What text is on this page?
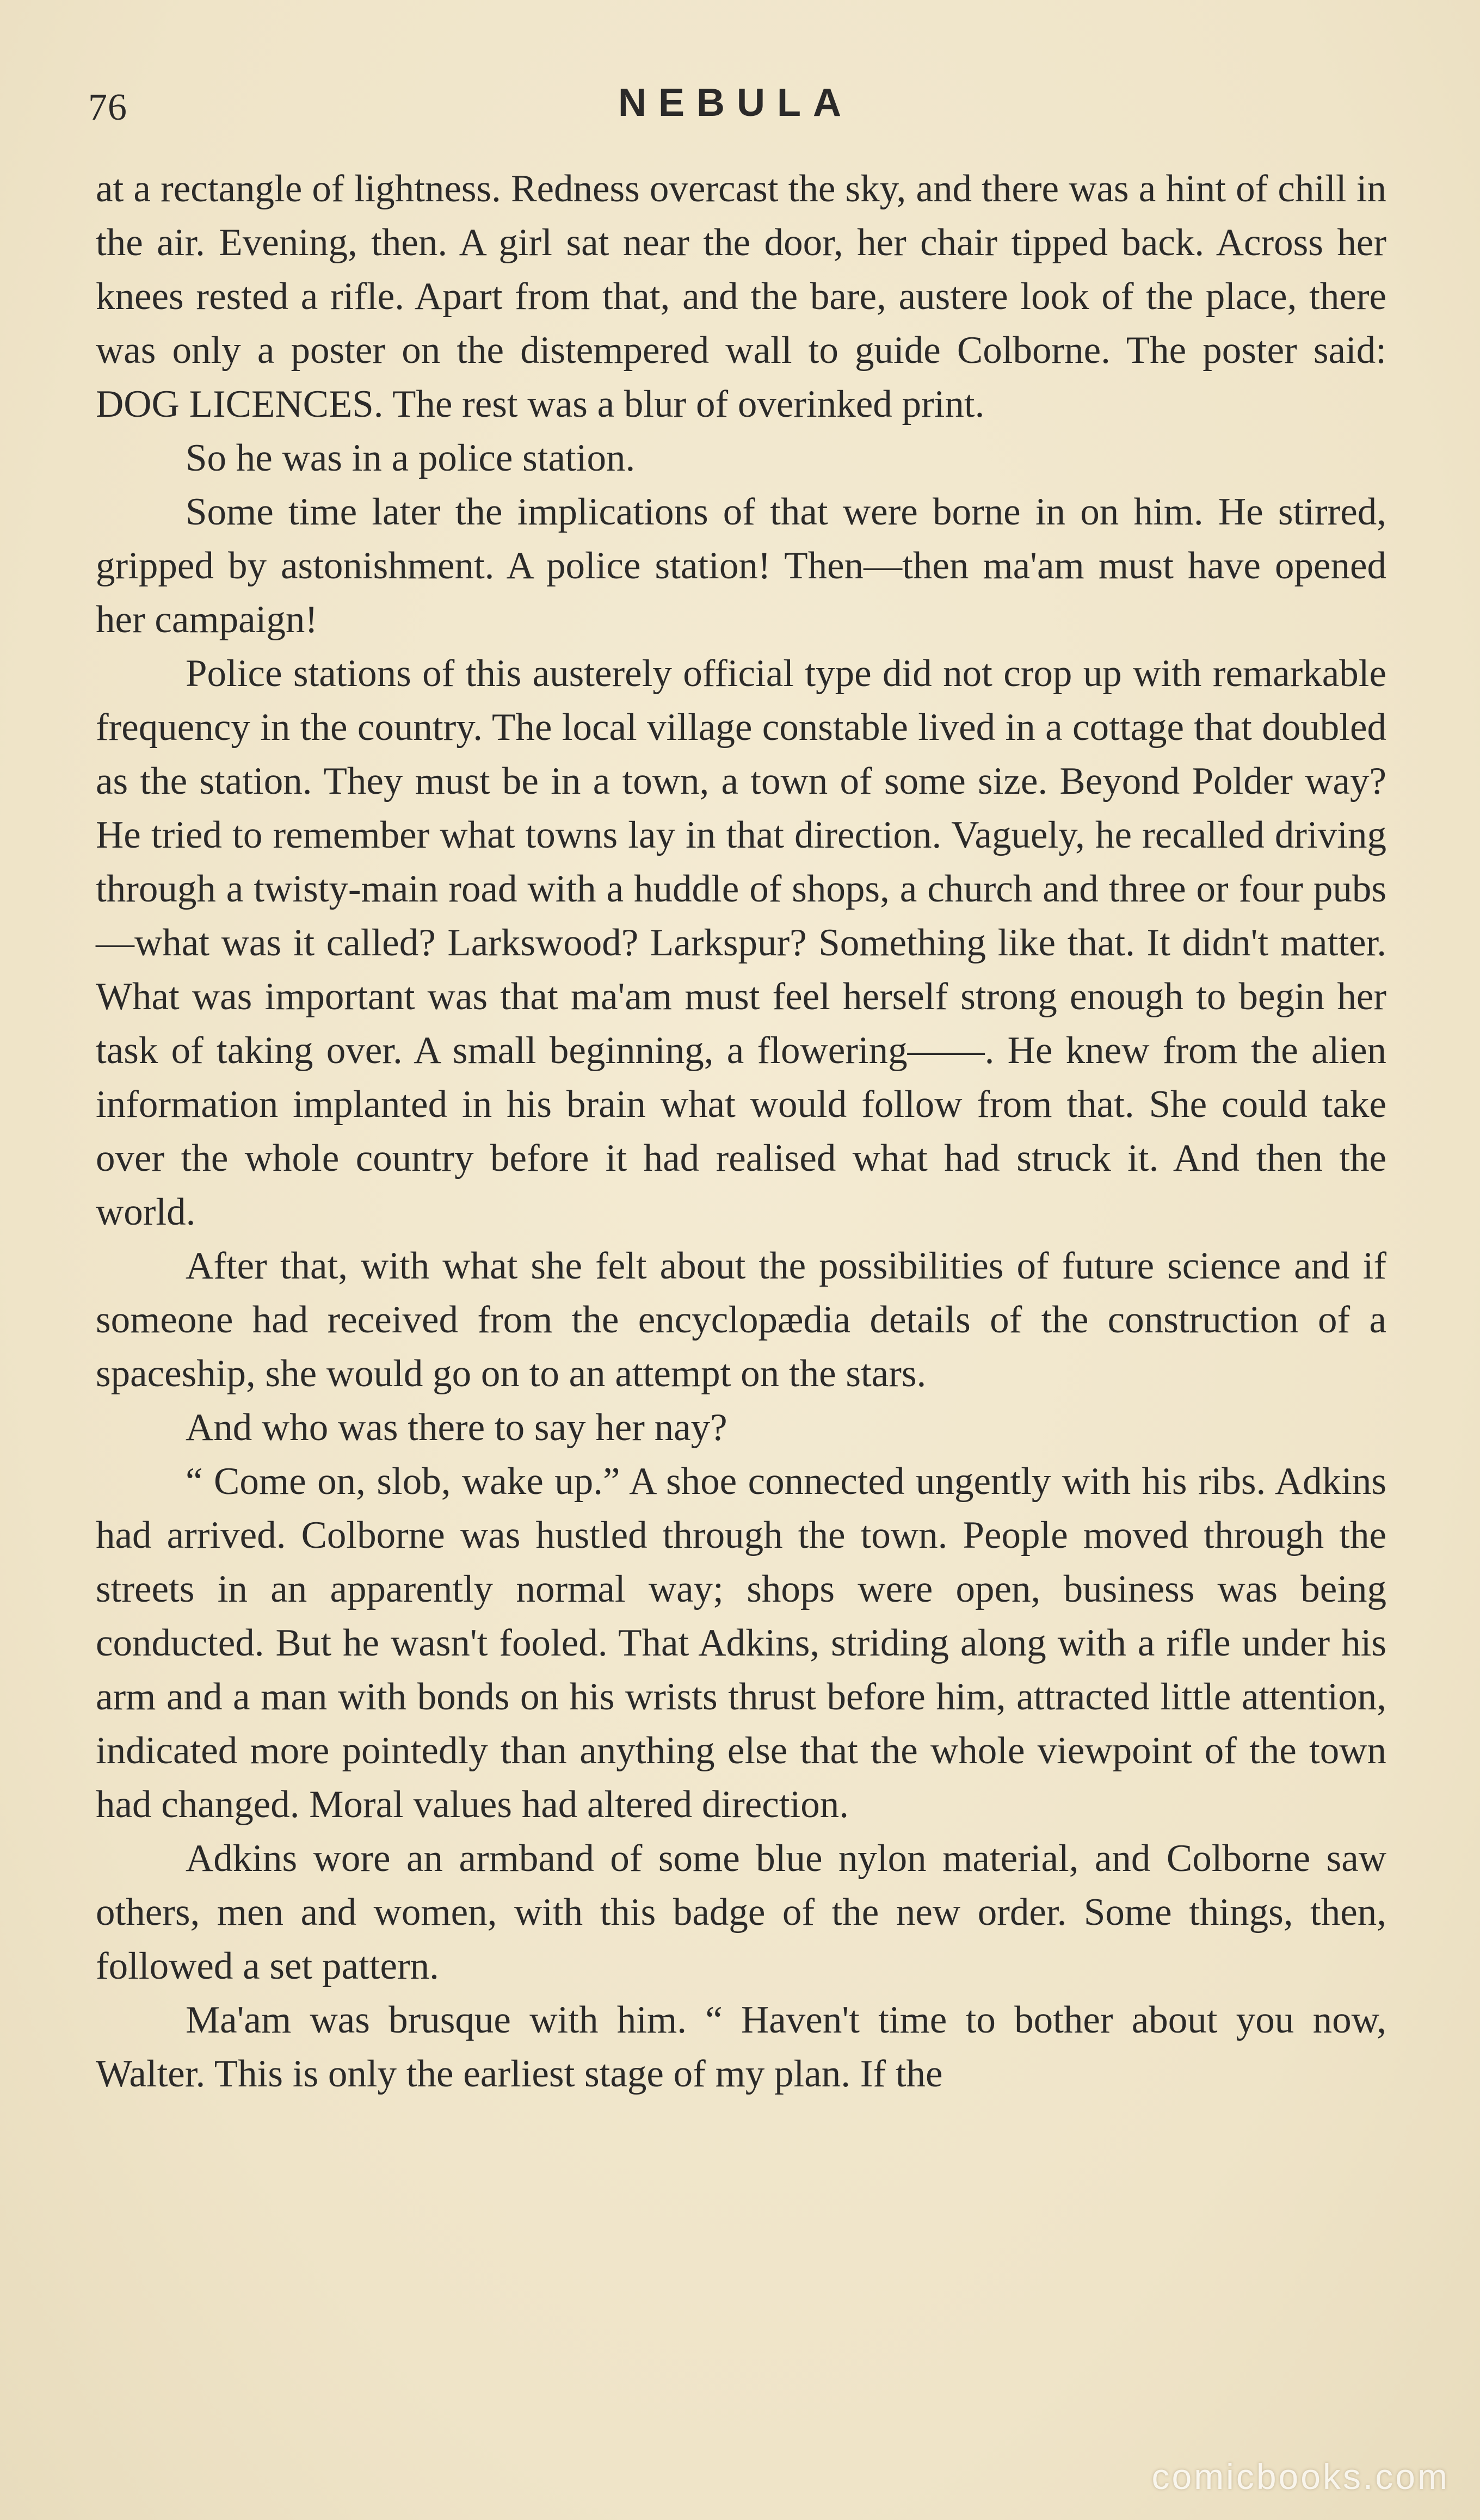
76	NEBULA

at a rectangle of lightness. Redness overcast the sky, and there was a hint of chill in the air. Evening, then. A girl sat near the door, her chair tipped back. Across her knees rested a rifle. Apart from that, and the bare, austere look of the place, there was only a poster on the distempered wall to guide Colborne. The poster said: DOG LICENCES. The rest was a blur of overinked print.

So he was in a police station.

Some time later the implications of that were borne in on him. He stirred, gripped by astonishment. A police station! Then—then ma'am must have opened her campaign!

Police stations of this austerely official type did not crop up with remarkable frequency in the country. The local village constable lived in a cottage that doubled as the station. They must be in a town, a town of some size. Beyond Polder way? He tried to remember what towns lay in that direction. Vaguely, he recalled driving through a twisty-main road with a huddle of shops, a church and three or four pubs—what was it called? Larkswood? Larkspur? Something like that. It didn't matter. What was important was that ma'am must feel herself strong enough to begin her task of taking over. A small beginning, a flowering——. He knew from the alien information implanted in his brain what would follow from that. She could take over the whole country before it had realised what had struck it. And then the world.

After that, with what she felt about the possibilities of future science and if someone had received from the encyclopædia details of the construction of a spaceship, she would go on to an attempt on the stars.

And who was there to say her nay?

“ Come on, slob, wake up.” A shoe connected ungently with his ribs. Adkins had arrived. Colborne was hustled through the town. People moved through the streets in an apparently normal way; shops were open, business was being conducted. But he wasn't fooled. That Adkins, striding along with a rifle under his arm and a man with bonds on his wrists thrust before him, attracted little attention, indicated more pointedly than anything else that the whole viewpoint of the town had changed. Moral values had altered direction.

Adkins wore an armband of some blue nylon material, and Colborne saw others, men and women, with this badge of the new order. Some things, then, followed a set pattern.

Ma'am was brusque with him. “ Haven't time to bother about you now, Walter. This is only the earliest stage of my plan. If the

comicbooks.com
